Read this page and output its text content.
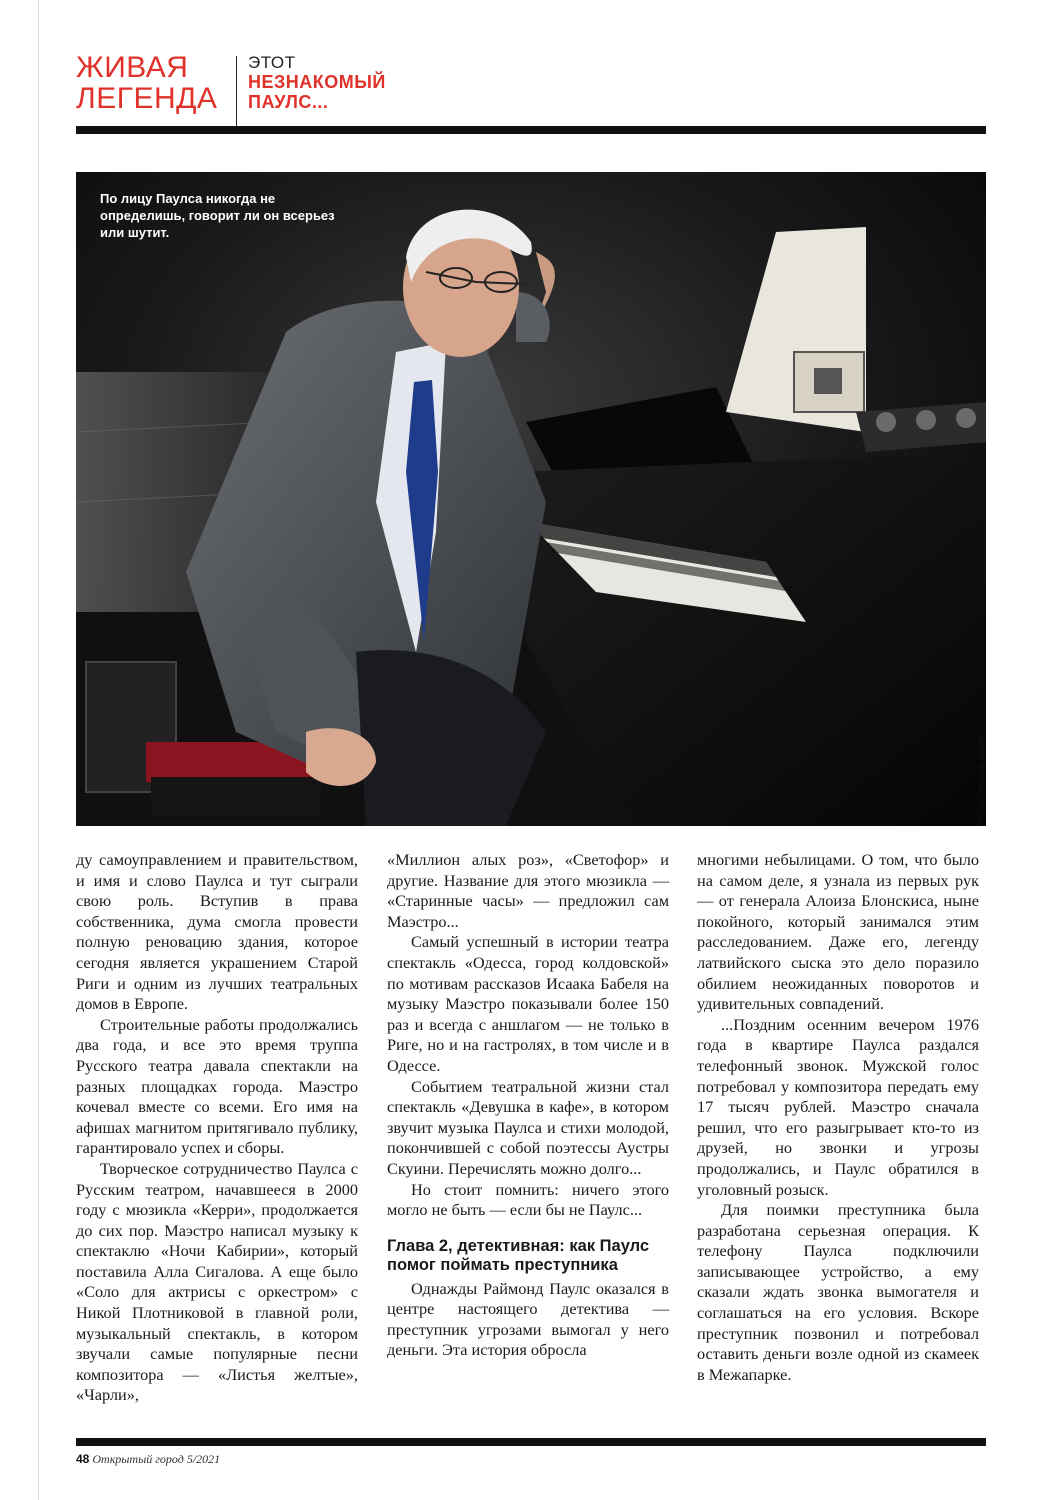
ЖИВАЯ
ЛЕГЕНДА
ЭТОТ
НЕЗНАКОМЫЙ
ПАУЛС...
По лицу Паулса никогда не определишь, говорит ли он всерьез или шутит.
Фото: Оксана Донич

ду самоуправлением и правительством, и имя и слово Паулса и тут сыграли свою роль. Вступив в права собственника, дума смогла провести полную реновацию здания, которое сегодня является украшением Старой Риги и одним из лучших театральных домов в Европе.

Строительные работы продолжались два года, и все это время труппа Русского театра давала спектакли на разных площадках города. Маэстро кочевал вместе со всеми. Его имя на афишах магнитом притягивало публику, гарантировало успех и сборы.

Творческое сотрудничество Паулса с Русским театром, начавшееся в 2000 году с мюзикла «Керри», продолжается до сих пор. Маэстро написал музыку к спектаклю «Ночи Кабирии», который поставила Алла Сигалова. А еще было «Соло для актрисы с оркестром» с Никой Плотниковой в главной роли, музыкальный спектакль, в котором звучали самые популярные песни композитора — «Листья желтые», «Чарли»,

«Миллион алых роз», «Светофор» и другие. Название для этого мюзикла — «Старинные часы» — предложил сам Маэстро...

Самый успешный в истории театра спектакль «Одесса, город колдовской» по мотивам рассказов Исаака Бабеля на музыку Маэстро показывали более 150 раз и всегда с аншлагом — не только в Риге, но и на гастролях, в том числе и в Одессе.

Событием театральной жизни стал спектакль «Девушка в кафе», в котором звучит музыка Паулса и стихи молодой, покончившей с собой поэтессы Аустры Скуини. Перечислять можно долго...

Но стоит помнить: ничего этого могло не быть — если бы не Паулс...

Глава 2, детективная: как Паулс помог поймать преступника

Однажды Раймонд Паулс оказался в центре настоящего детектива — преступник угрозами вымогал у него деньги. Эта история обросла

многими небылицами. О том, что было на самом деле, я узнала из первых рук — от генерала Алоиза Блонскиса, ныне покойного, который занимался этим расследованием. Даже его, легенду латвийского сыска это дело поразило обилием неожиданных поворотов и удивительных совпадений.

...Поздним осенним вечером 1976 года в квартире Паулса раздался телефонный звонок. Мужской голос потребовал у композитора передать ему 17 тысяч рублей. Маэстро сначала решил, что его разыгрывает кто-то из друзей, но звонки и угрозы продолжались, и Паулс обратился в уголовный розыск.

Для поимки преступника была разработана серьезная операция. К телефону Паулса подключили записывающее устройство, а ему сказали ждать звонка вымогателя и соглашаться на его условия. Вскоре преступник позвонил и потребовал оставить деньги возле одной из скамеек в Межапарке.

48 Открытый город 5/2021
